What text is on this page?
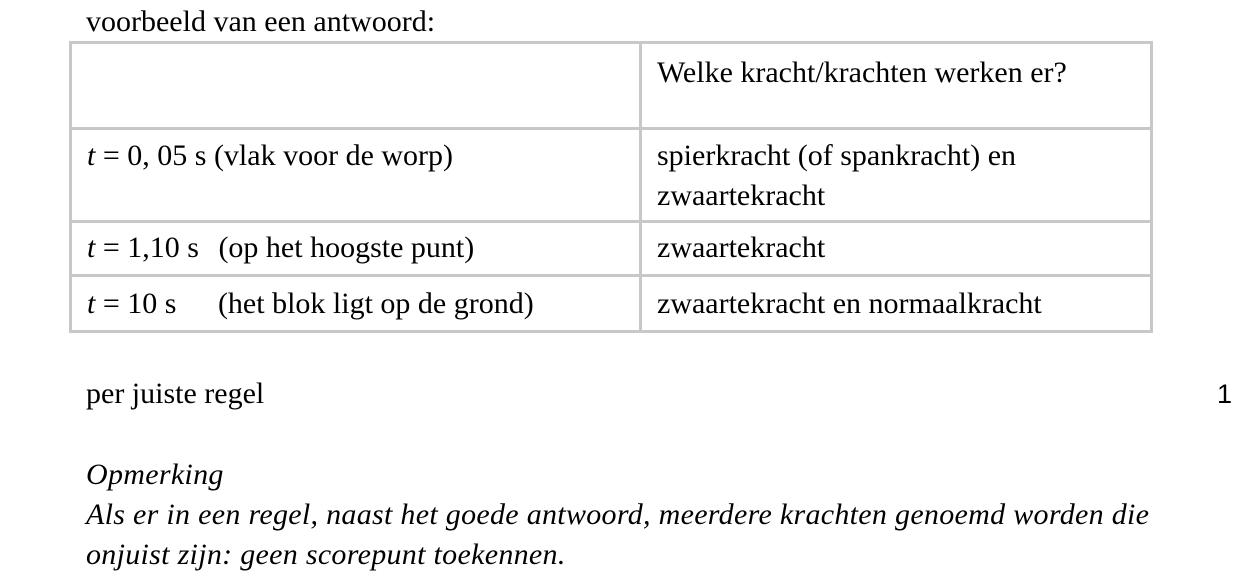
voorbeeld van een antwoord:
	Welke kracht/krachten werken er?
t = 0, 05 s (vlak voor de worp)	spierkracht (of spankracht) en zwaartekracht
t = 1,10 s (op het hoogste punt)	zwaartekracht
t = 10 s (het blok ligt op de grond)	zwaartekracht en normaalkracht
per juiste regel	1

Opmerking

Als er in een regel, naast het goede antwoord, meerdere krachten genoemd worden die onjuist zijn: geen scorepunt toekennen.
